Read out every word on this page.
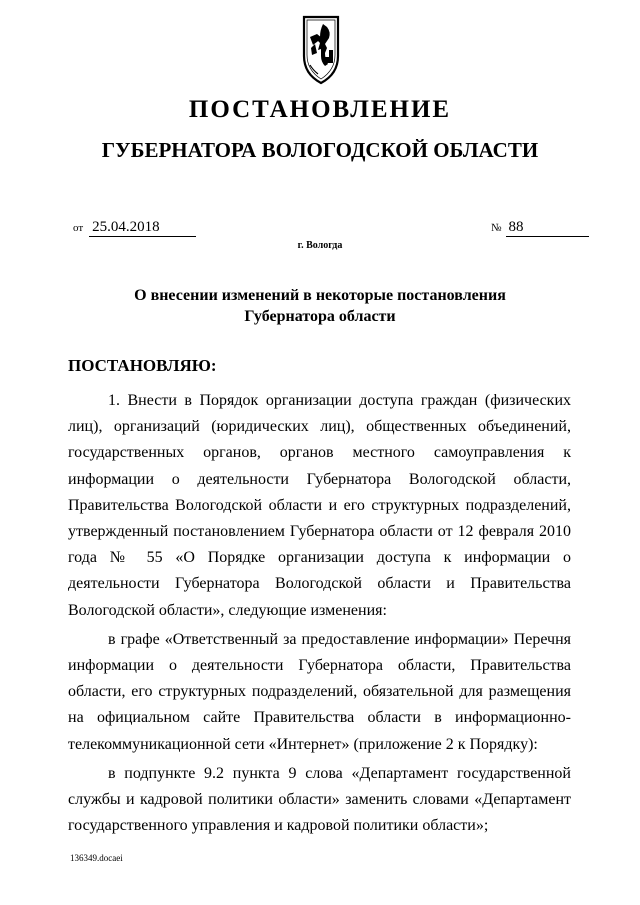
ПОСТАНОВЛЕНИЕ
ГУБЕРНАТОРА ВОЛОГОДСКОЙ ОБЛАСТИ
от 25.04.2018	№ 88
г. Вологда
О внесении изменений в некоторые постановления
Губернатора области
ПОСТАНОВЛЯЮ:

1. Внести в Порядок организации доступа граждан (физических лиц), организаций (юридических лиц), общественных объединений, государственных органов, органов местного самоуправления к информации о деятельности Губернатора Вологодской области, Правительства Вологодской области и его структурных подразделений, утвержденный постановлением Губернатора области от 12 февраля 2010 года № 55 «О Порядке организации доступа к информации о деятельности Губернатора Вологодской области и Правительства Вологодской области», следующие изменения:

в графе «Ответственный за предоставление информации» Перечня информации о деятельности Губернатора области, Правительства области, его структурных подразделений, обязательной для размещения на официальном сайте Правительства области в информационно-телекоммуникационной сети «Интернет» (приложение 2 к Порядку):

в подпункте 9.2 пункта 9 слова «Департамент государственной службы и кадровой политики области» заменить словами «Департамент государственного управления и кадровой политики области»;

136349.docaei
